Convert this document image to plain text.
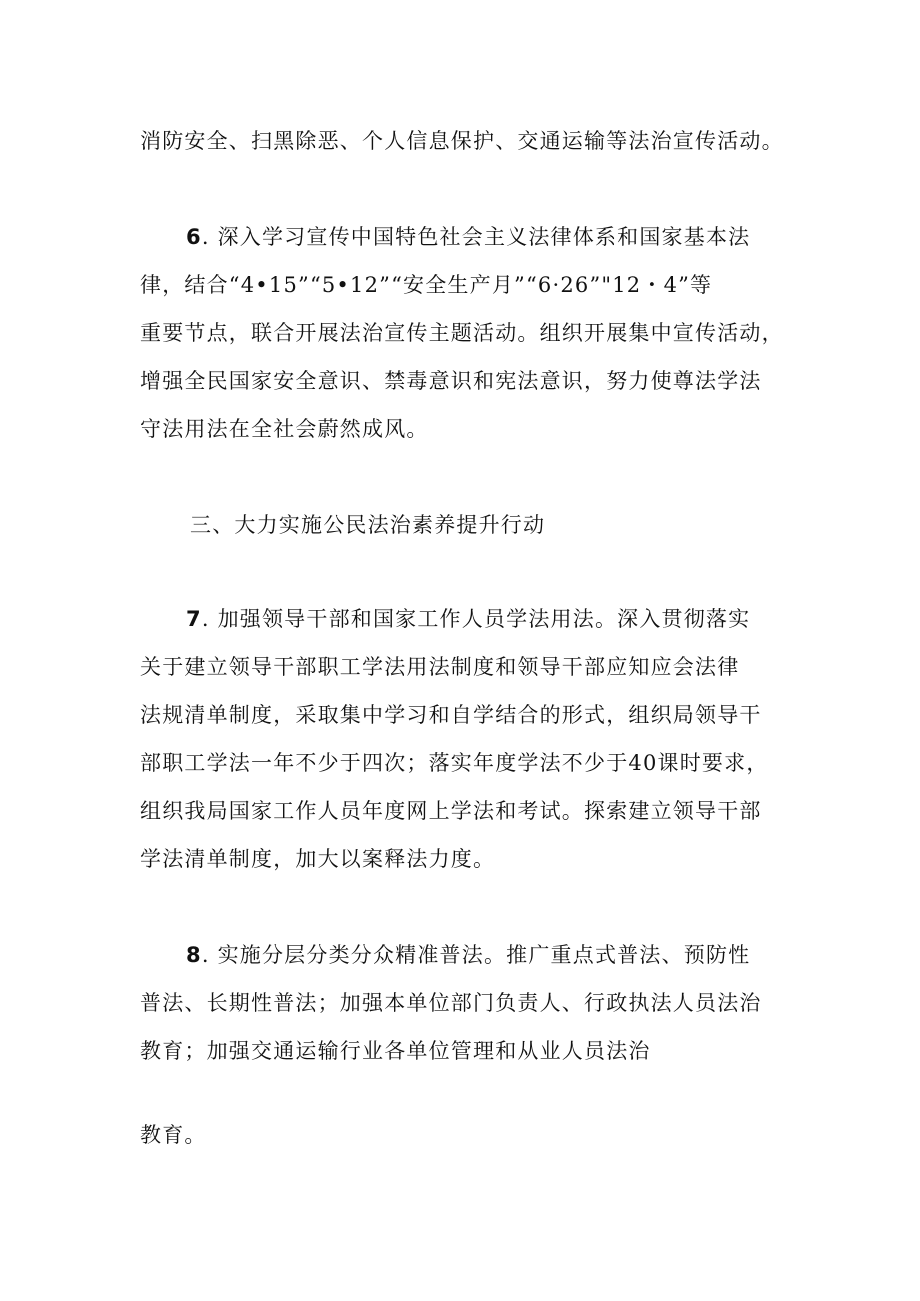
消防安全、扫黑除恶、个人信息保护、交通运输等法治宣传活动。
6. 深入学习宣传中国特色社会主义法律体系和国家基本法
律，结合“4•15”“5•12”“安全生产月”“6·26”"12・4”等
重要节点，联合开展法治宣传主题活动。组织开展集中宣传活动，
增强全民国家安全意识、禁毒意识和宪法意识，努力使尊法学法
守法用法在全社会蔚然成风。
三、大力实施公民法治素养提升行动
7. 加强领导干部和国家工作人员学法用法。深入贯彻落实
关于建立领导干部职工学法用法制度和领导干部应知应会法律
法规清单制度，采取集中学习和自学结合的形式，组织局领导干
部职工学法一年不少于四次；落实年度学法不少于40课时要求，
组织我局国家工作人员年度网上学法和考试。探索建立领导干部
学法清单制度，加大以案释法力度。
8. 实施分层分类分众精准普法。推广重点式普法、预防性
普法、长期性普法；加强本单位部门负责人、行政执法人员法治
教育；加强交通运输行业各单位管理和从业人员法治
教育。
